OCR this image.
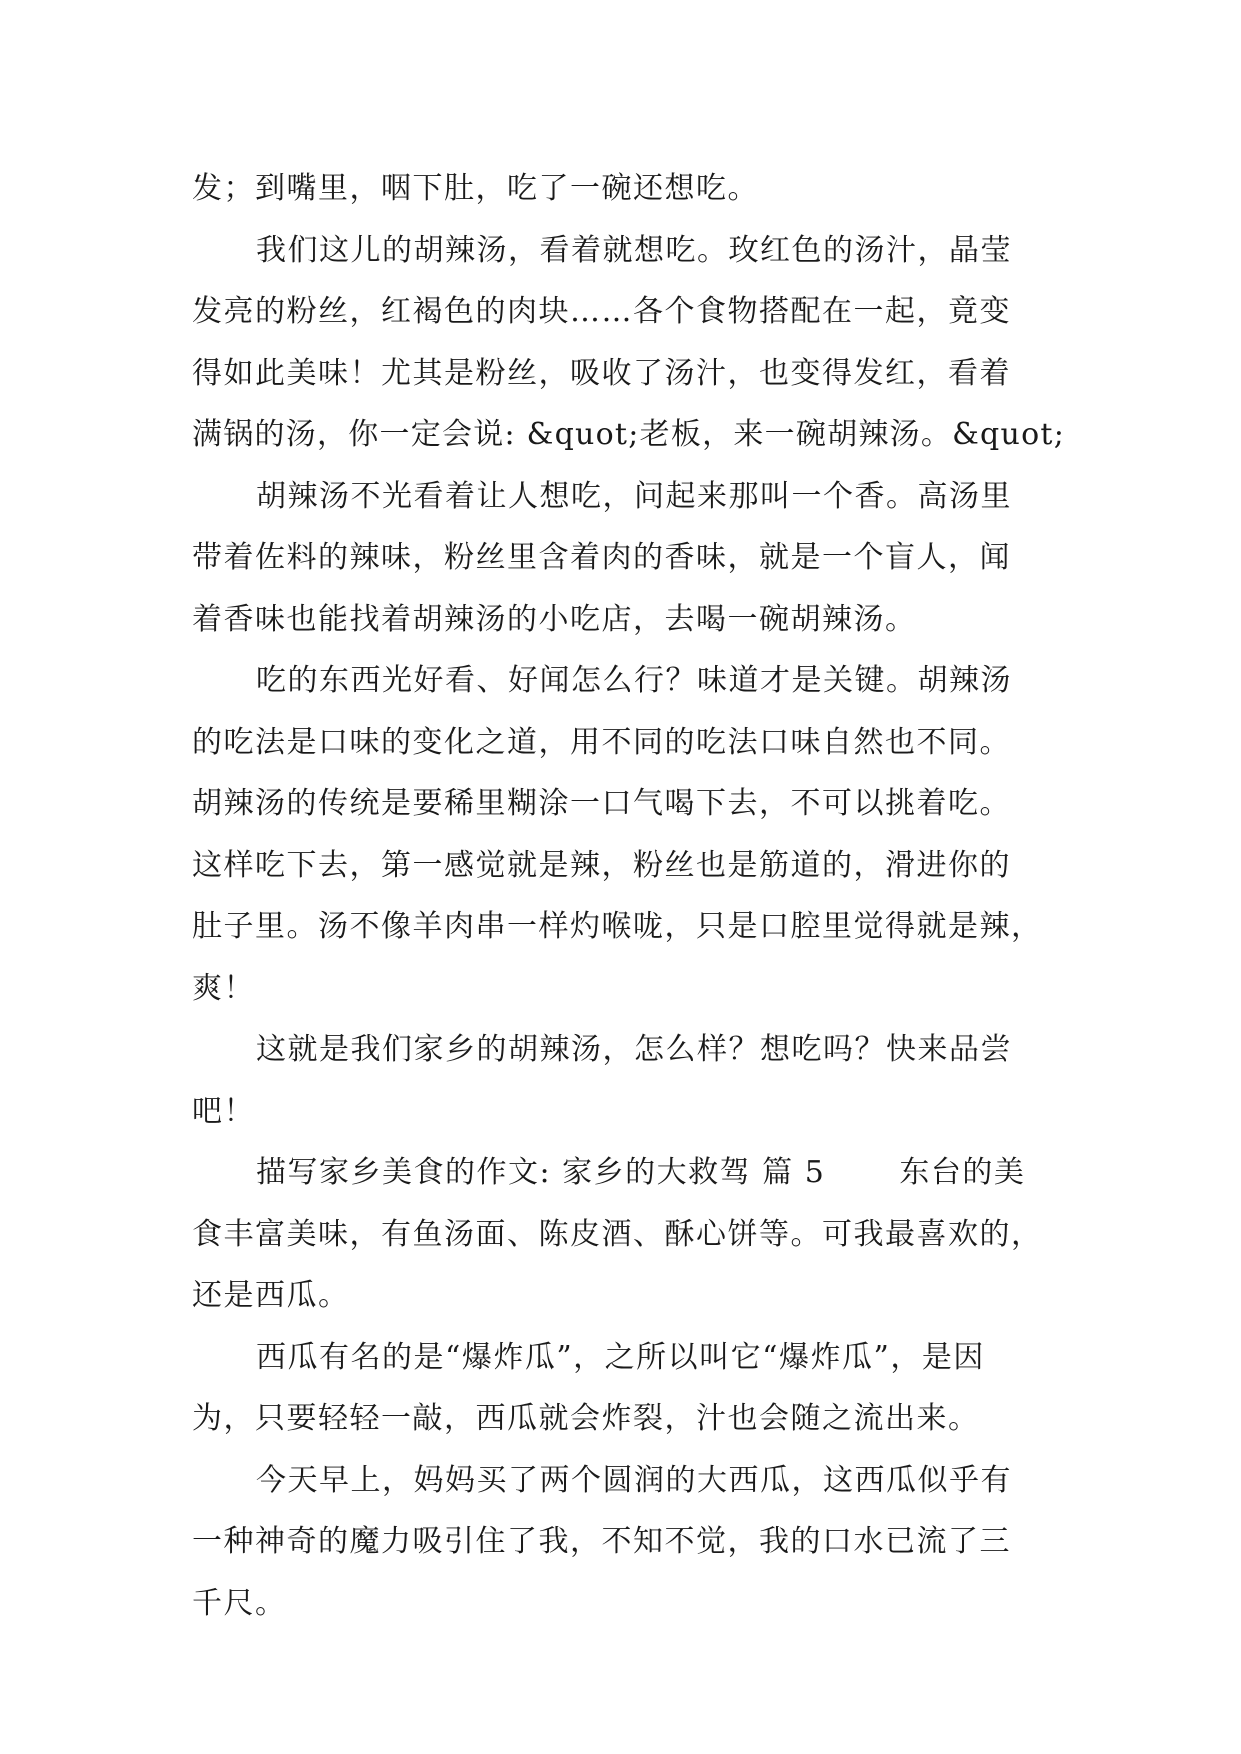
发；到嘴里，咽下肚，吃了一碗还想吃。
我们这儿的胡辣汤，看着就想吃。玫红色的汤汁，晶莹
发亮的粉丝，红褐色的肉块……各个食物搭配在一起，竟变
得如此美味！尤其是粉丝，吸收了汤汁，也变得发红，看着
满锅的汤，你一定会说: &quot;老板，来一碗胡辣汤。&quot;
胡辣汤不光看着让人想吃，问起来那叫一个香。高汤里
带着佐料的辣味，粉丝里含着肉的香味，就是一个盲人，闻
着香味也能找着胡辣汤的小吃店，去喝一碗胡辣汤。
吃的东西光好看、好闻怎么行？味道才是关键。胡辣汤
的吃法是口味的变化之道，用不同的吃法口味自然也不同。
胡辣汤的传统是要稀里糊涂一口气喝下去，不可以挑着吃。
这样吃下去，第一感觉就是辣，粉丝也是筋道的，滑进你的
肚子里。汤不像羊肉串一样灼喉咙，只是口腔里觉得就是辣，
爽！
这就是我们家乡的胡辣汤，怎么样？想吃吗？快来品尝
吧！
描写家乡美食的作文: 家乡的大救驾 篇 5 　　东台的美
食丰富美味，有鱼汤面、陈皮酒、酥心饼等。可我最喜欢的，
还是西瓜。
西瓜有名的是“爆炸瓜”，之所以叫它“爆炸瓜”，是因
为，只要轻轻一敲，西瓜就会炸裂，汁也会随之流出来。
今天早上，妈妈买了两个圆润的大西瓜，这西瓜似乎有
一种神奇的魔力吸引住了我，不知不觉，我的口水已流了三
千尺。
